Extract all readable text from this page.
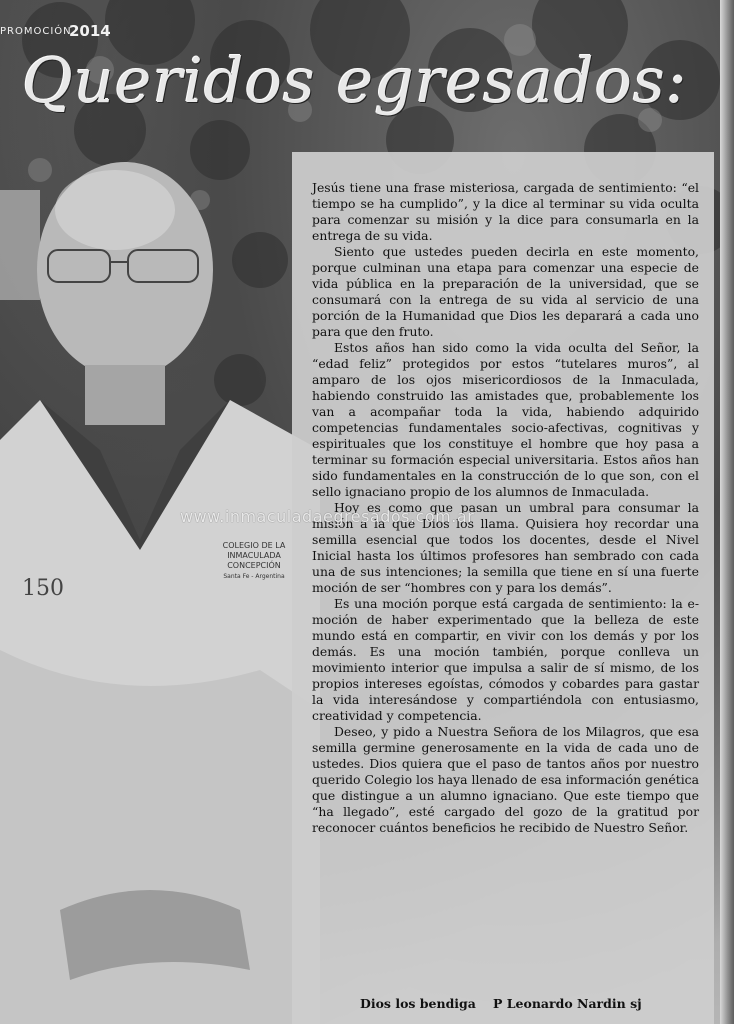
PROMOCIÓN
2014
Queridos egresados:
COLEGIO DE LA
INMACULADA
CONCEPCIÓN
Santa Fe - Argentina
150

Jesús tiene una frase misteriosa, cargada de sentimiento: “el tiempo se ha cumplido”, y la dice al terminar su vida oculta para comenzar su misión y la dice para consumarla en la entrega de su vida.

Siento que ustedes pueden decirla en este momento, porque culminan una etapa para comenzar una especie de vida pública en la preparación de la universidad, que se consumará con la entrega de su vida al servicio de una porción de la Humanidad que Dios les deparará a cada uno para que den fruto.

Estos años han sido como la vida oculta del Señor, la “edad feliz” protegidos por estos “tutelares muros”, al amparo de los ojos misericordiosos de la Inmaculada, habiendo construido las amistades que, probablemente los van a acompañar toda la vida, habiendo adquirido competencias fundamentales socio-afectivas, cognitivas y espirituales que los constituye el hombre que hoy pasa a terminar su formación especial universitaria. Estos años han sido fundamentales en la construcción de lo que son, con el sello ignaciano propio de los alumnos de Inmaculada.

Hoy es como que pasan un umbral para consumar la misión a la que Dios los llama. Quisiera hoy recordar una semilla esencial que todos los docentes, desde el Nivel Inicial hasta los últimos profesores han sembrado con cada una de sus intenciones; la semilla que tiene en sí una fuerte moción de ser “hombres con y para los demás”.

Es una moción porque está cargada de sentimiento: la e-moción de haber experimentado que la belleza de este mundo está en compartir, en vivir con los demás y por los demás. Es una moción también, porque conlleva un movimiento interior que impulsa a salir de sí mismo, de los propios intereses egoístas, cómodos y cobardes para gastar la vida interesándose y compartiéndola con entusiasmo, creatividad y competencia.

Deseo, y pido a Nuestra Señora de los Milagros, que esa semilla germine generosamente en la vida de cada uno de ustedes. Dios quiera que el paso de tantos años por nuestro querido Colegio los haya llenado de esa información genética que distingue a un alumno ignaciano. Que este tiempo que “ha llegado”, esté cargado del gozo de la gratitud por reconocer cuántos beneficios he recibido de Nuestro Señor.

Dios los bendiga P Leonardo Nardin sj
www.inmaculadaegresados.com.ar
